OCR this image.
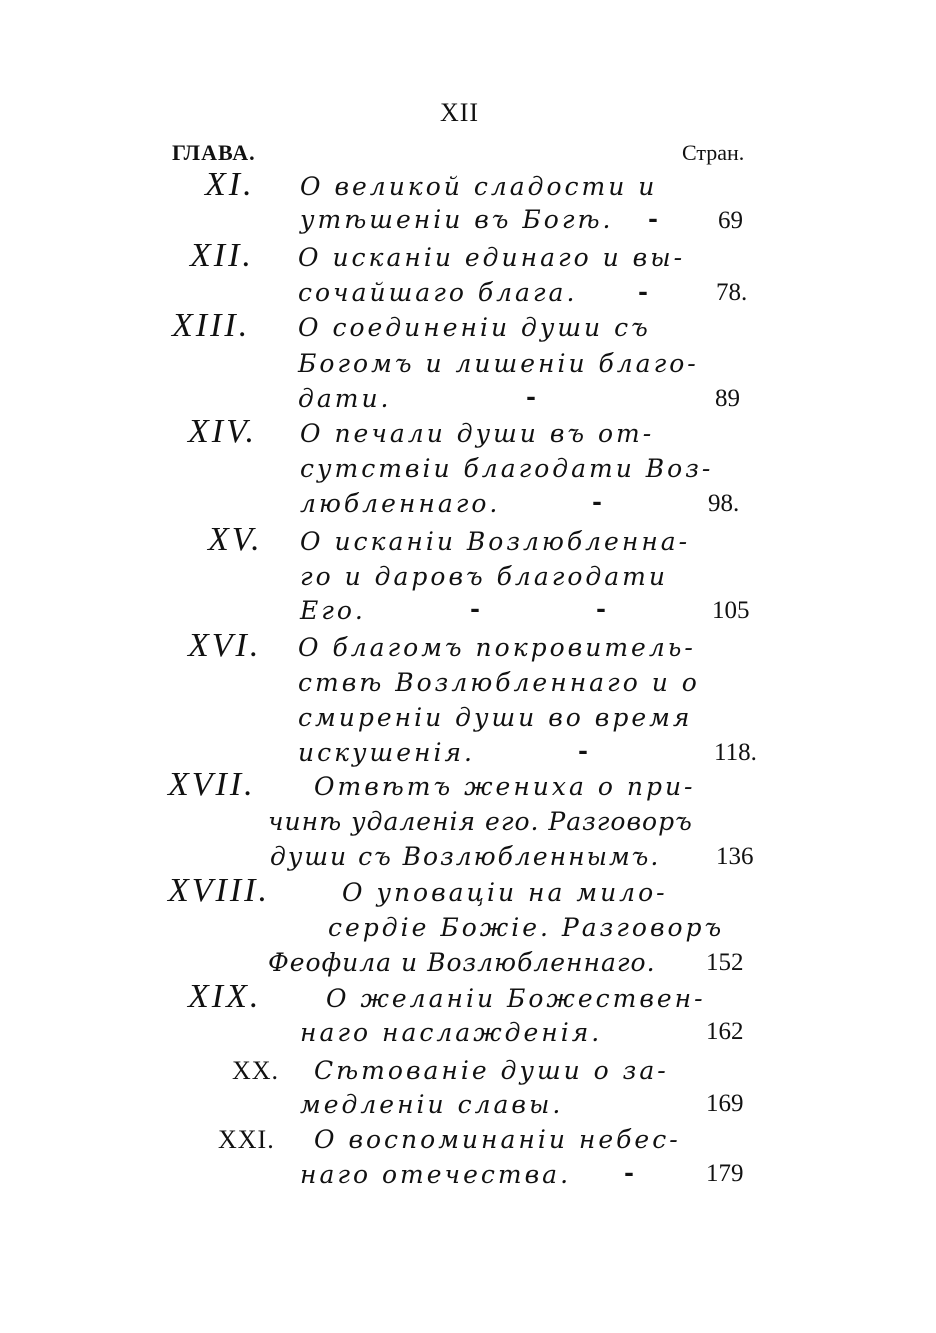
XII
ГЛАВА.	Стран.
XI. О великой сладости и
утѣшеніи въ Богѣ. - 69
XII. О исканіи единаго и вы-
сочайшаго блага.	-	78.
XIII. О соединеніи души съ
Богомъ и лишеніи благо-
дати.	-	89
XIV. О печали души въ от-
сутствіи благодати Воз-
любленнаго.	-	98.
XV. О исканіи Возлюбленна-
го и даровъ благодати
Его.	-	-	105
XVI. О благомъ покровитель-
ствѣ Возлюбленнаго и о
смиреніи души во время
искушенія.	-	118.
XVII. Отвѣтъ жениха о при-
чинѣ удаленія его. Разговоръ
души съ Возлюбленнымъ. 136
XVIII.	О уповаціи на мило-
сердіе Божіе. Разговоръ
Феофила и Возлюбленнаго. 152
XIX.	О желаніи Божествен-
наго наслажденія.	162
XX. Сѣтованіе души о за-
медленіи славы.	169
XXI. О воспоминаніи небес-
наго отечества. -	179
